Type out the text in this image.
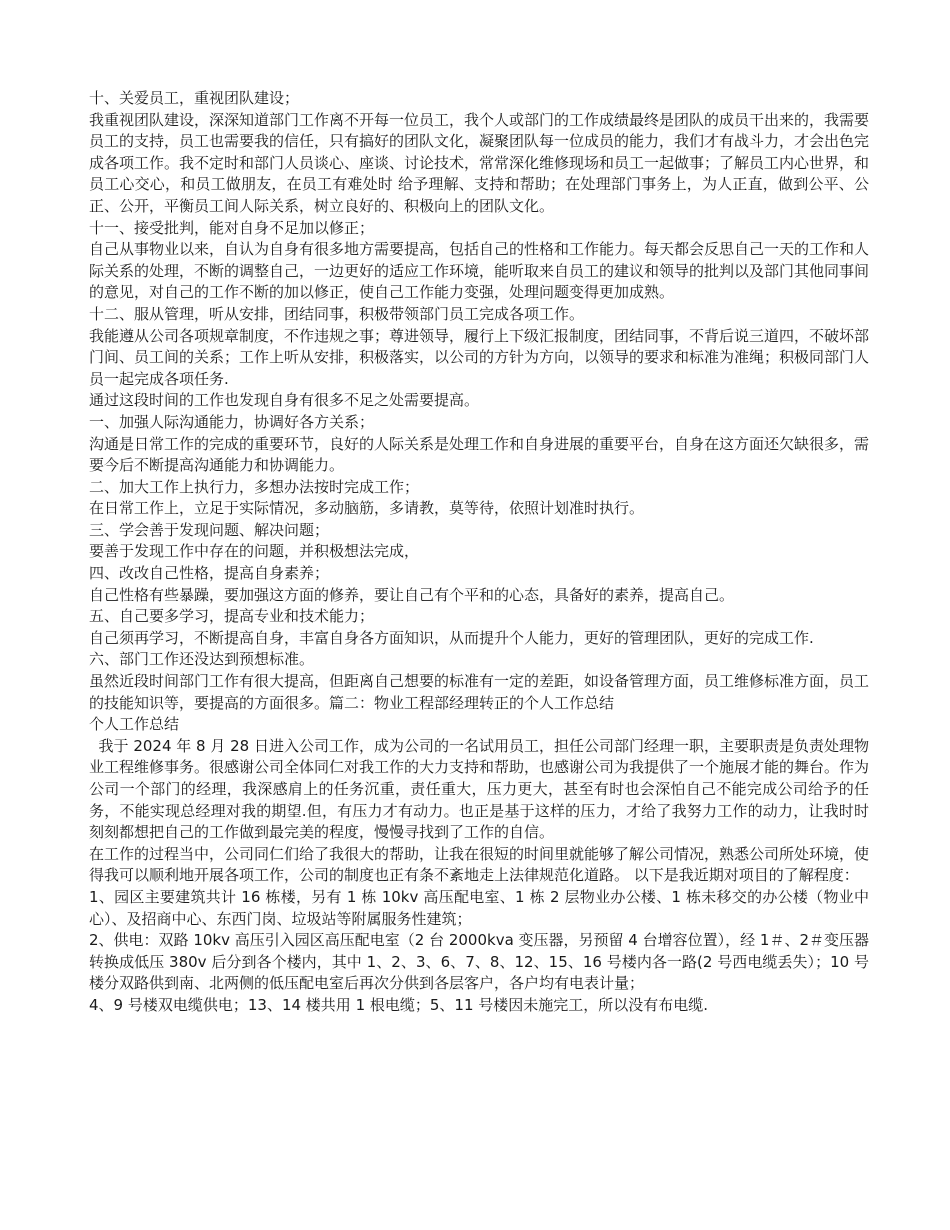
十、关爱员工，重视团队建设；

我重视团队建设，深深知道部门工作离不开每一位员工，我个人或部门的工作成绩最终是团队的成员干出来的，我需要员工的支持，员工也需要我的信任，只有搞好的团队文化，凝聚团队每一位成员的能力，我们才有战斗力，才会出色完成各项工作。我不定时和部门人员谈心、座谈、讨论技术，常常深化维修现场和员工一起做事；了解员工内心世界，和员工心交心，和员工做朋友，在员工有难处时 给予理解、支持和帮助；在处理部门事务上，为人正直，做到公平、公正、公开，平衡员工间人际关系，树立良好的、积极向上的团队文化。

十一、接受批判，能对自身不足加以修正；

自己从事物业以来，自认为自身有很多地方需要提高，包括自己的性格和工作能力。每天都会反思自己一天的工作和人际关系的处理，不断的调整自己，一边更好的适应工作环境，能听取来自员工的建议和领导的批判以及部门其他同事间的意见，对自己的工作不断的加以修正，使自己工作能力变强，处理问题变得更加成熟。

十二、服从管理，听从安排，团结同事，积极带领部门员工完成各项工作。

我能遵从公司各项规章制度，不作违规之事；尊进领导，履行上下级汇报制度，团结同事，不背后说三道四，不破坏部门间、员工间的关系；工作上听从安排，积极落实，以公司的方针为方向，以领导的要求和标准为准绳；积极同部门人员一起完成各项任务.

通过这段时间的工作也发现自身有很多不足之处需要提高。

一、加强人际沟通能力，协调好各方关系；

沟通是日常工作的完成的重要环节，良好的人际关系是处理工作和自身进展的重要平台，自身在这方面还欠缺很多，需要今后不断提高沟通能力和协调能力。

二、加大工作上执行力，多想办法按时完成工作；

在日常工作上，立足于实际情况，多动脑筋，多请教，莫等待，依照计划准时执行。

三、学会善于发现问题、解决问题；

要善于发现工作中存在的问题，并积极想法完成，

四、改改自己性格，提高自身素养；

自己性格有些暴躁，要加强这方面的修养，要让自己有个平和的心态，具备好的素养，提高自己。

五、自己要多学习，提高专业和技术能力；

自己须再学习，不断提高自身，丰富自身各方面知识，从而提升个人能力，更好的管理团队，更好的完成工作.

六、部门工作还没达到预想标准。

虽然近段时间部门工作有很大提高，但距离自己想要的标准有一定的差距，如设备管理方面，员工维修标准方面，员工的技能知识等，要提高的方面很多。篇二：物业工程部经理转正的个人工作总结

个人工作总结

我于 2024 年 8 月 28 日进入公司工作，成为公司的一名试用员工，担任公司部门经理一职，主要职责是负责处理物业工程维修事务。很感谢公司全体同仁对我工作的大力支持和帮助，也感谢公司为我提供了一个施展才能的舞台。作为公司一个部门的经理，我深感肩上的任务沉重，责任重大，压力更大，甚至有时也会深怕自己不能完成公司给予的任务，不能实现总经理对我的期望.但，有压力才有动力。也正是基于这样的压力，才给了我努力工作的动力，让我时时刻刻都想把自己的工作做到最完美的程度，慢慢寻找到了工作的自信。

在工作的过程当中，公司同仁们给了我很大的帮助，让我在很短的时间里就能够了解公司情况，熟悉公司所处环境，使得我可以顺利地开展各项工作，公司的制度也正有条不紊地走上法律规范化道路。 以下是我近期对项目的了解程度：

1、园区主要建筑共计 16 栋楼，另有 1 栋 10kv 高压配电室、1 栋 2 层物业办公楼、1 栋未移交的办公楼（物业中心）、及招商中心、东西门岗、垃圾站等附属服务性建筑；

2、供电：双路 10kv 高压引入园区高压配电室（2 台 2000kva 变压器，另预留 4 台增容位置），经 1＃、2＃变压器转换成低压 380v 后分到各个楼内，其中 1、2、3、6、7、8、12、15、16 号楼内各一路(2 号西电缆丢失）；10 号楼分双路供到南、北两侧的低压配电室后再次分供到各层客户，各户均有电表计量；

4、9 号楼双电缆供电；13、14 楼共用 1 根电缆；5、11 号楼因未施完工，所以没有布电缆.
